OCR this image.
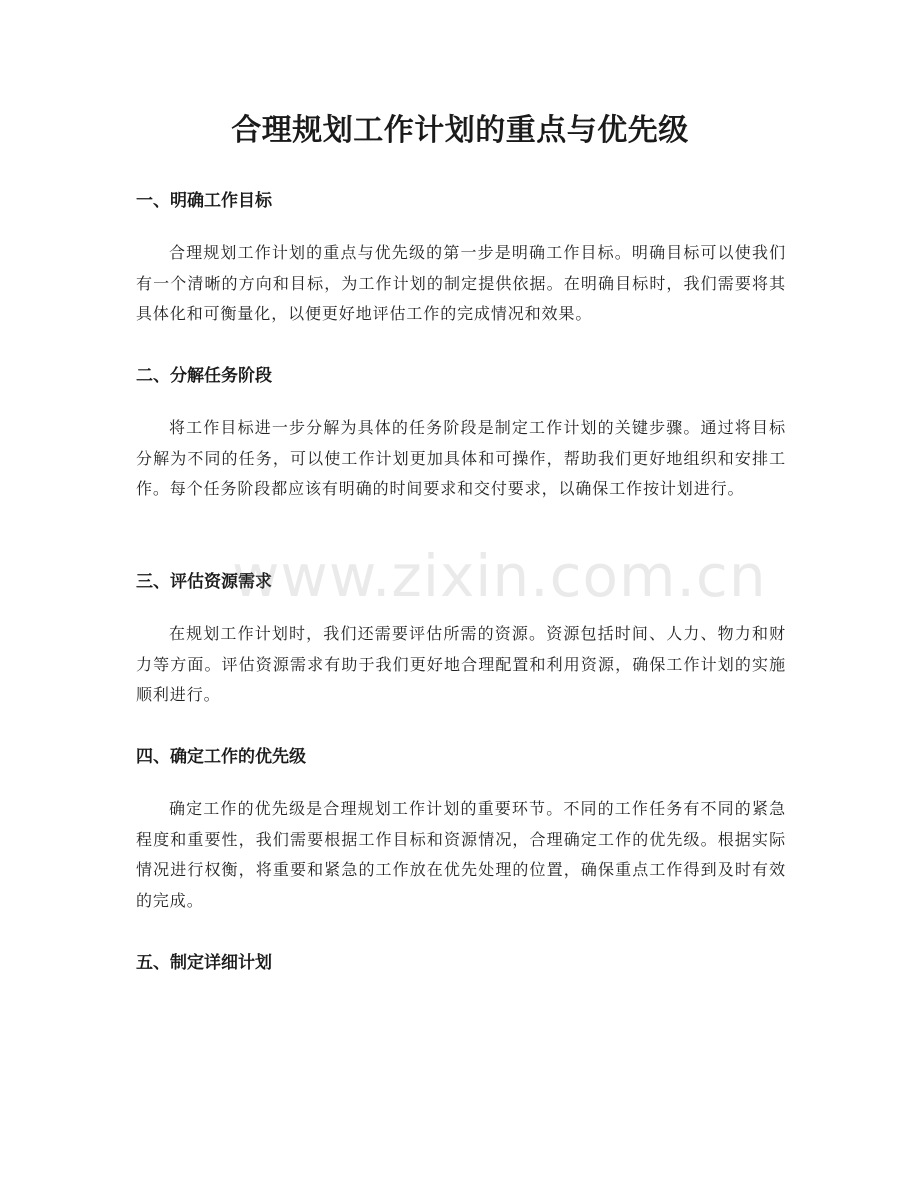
合理规划工作计划的重点与优先级
一、明确工作目标

合理规划工作计划的重点与优先级的第一步是明确工作目标。明确目标可以使我们有一个清晰的方向和目标，为工作计划的制定提供依据。在明确目标时，我们需要将其具体化和可衡量化，以便更好地评估工作的完成情况和效果。

二、分解任务阶段

将工作目标进一步分解为具体的任务阶段是制定工作计划的关键步骤。通过将目标分解为不同的任务，可以使工作计划更加具体和可操作，帮助我们更好地组织和安排工作。每个任务阶段都应该有明确的时间要求和交付要求，以确保工作按计划进行。

三、评估资源需求

在规划工作计划时，我们还需要评估所需的资源。资源包括时间、人力、物力和财力等方面。评估资源需求有助于我们更好地合理配置和利用资源，确保工作计划的实施顺利进行。

四、确定工作的优先级

确定工作的优先级是合理规划工作计划的重要环节。不同的工作任务有不同的紧急程度和重要性，我们需要根据工作目标和资源情况，合理确定工作的优先级。根据实际情况进行权衡，将重要和紧急的工作放在优先处理的位置，确保重点工作得到及时有效的完成。

五、制定详细计划
www.zixin.com.cn
